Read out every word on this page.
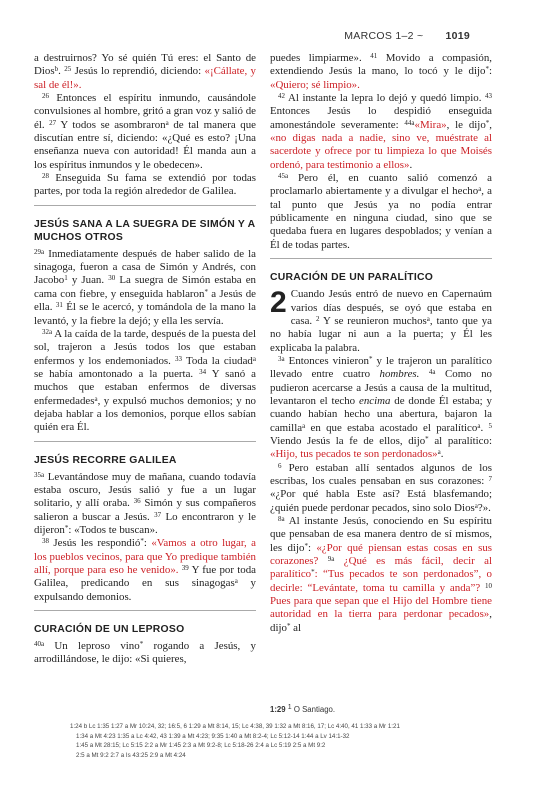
MARCOS 1–2 ~ 1019

a destruirnos? Yo sé quién Tú eres: el Santo de Dios$^b$. $^{25}$ Jesús lo reprendió, diciendo: «¡Cállate, y sal de él!».

$^{26}$ Entonces el espíritu inmundo, causándole convulsiones al hombre, gritó a gran voz y salió de él. $^{27}$ Y todos se asombraron$^a$ de tal manera que discutían entre sí, diciendo: «¿Qué es esto? ¡Una enseñanza nueva con autoridad! Él manda aun a los espíritus inmundos y le obedecen».

$^{28}$ Enseguida Su fama se extendió por todas partes, por toda la región alrededor de Galilea.

JESÚS SANA A LA SUEGRA DE SIMÓN Y A MUCHOS OTROS

$^{29a}$ Inmediatamente después de haber salido de la sinagoga, fueron a casa de Simón y Andrés, con Jacobo$^1$ y Juan. $^{30}$ La suegra de Simón estaba en cama con fiebre, y enseguida hablaron* a Jesús de ella. $^{31}$ Él se le acercó, y tomándola de la mano la levantó, y la fiebre la dejó; y ella les servía.

$^{32a}$ A la caída de la tarde, después de la puesta del sol, trajeron a Jesús todos los que estaban enfermos y los endemoniados. $^{33}$ Toda la ciudad$^a$ se había amontonado a la puerta. $^{34}$ Y sanó a muchos que estaban enfermos de diversas enfermedades$^a$, y expulsó muchos demonios; y no dejaba hablar a los demonios, porque ellos sabían quién era Él.

JESÚS RECORRE GALILEA

$^{35a}$ Levantándose muy de mañana, cuando todavía estaba oscuro, Jesús salió y fue a un lugar solitario, y allí oraba. $^{36}$ Simón y sus compañeros salieron a buscar a Jesús. $^{37}$ Lo encontraron y le dijeron*: «Todos te buscan».

$^{38}$ Jesús les respondió*: «Vamos a otro lugar, a los pueblos vecinos, para que Yo predique también allí, porque para eso he venido». $^{39}$ Y fue por toda Galilea, predicando en sus sinagogas$^a$ y expulsando demonios.

CURACIÓN DE UN LEPROSO

$^{40a}$ Un leproso vino* rogando a Jesús, y arrodillándose, le dijo: «Si quieres,

puedes limpiarme». $^{41}$ Movido a compasión, extendiendo Jesús la mano, lo tocó y le dijo*: «Quiero; sé limpio».

$^{42}$ Al instante la lepra lo dejó y quedó limpio. $^{43}$ Entonces Jesús lo despidió enseguida amonestándole severamente: $^{44a}$«Mira», le dijo*, «no digas nada a nadie, sino ve, muéstrate al sacerdote y ofrece por tu limpieza lo que Moisés ordenó, para testimonio a ellos».

$^{45a}$ Pero él, en cuanto salió comenzó a proclamarlo abiertamente y a divulgar el hecho$^a$, a tal punto que Jesús ya no podía entrar públicamente en ninguna ciudad, sino que se quedaba fuera en lugares despoblados; y venían a Él de todas partes.

CURACIÓN DE UN PARALÍTICO

2 Cuando Jesús entró de nuevo en Capernaúm varios días después, se oyó que estaba en casa. $^2$ Y se reunieron muchos$^a$, tanto que ya no había lugar ni aun a la puerta; y Él les explicaba la palabra.

$^{3a}$ Entonces vinieron* y le trajeron un paralítico llevado entre cuatro hombres. $^{4a}$ Como no pudieron acercarse a Jesús a causa de la multitud, levantaron el techo encima de donde Él estaba; y cuando habían hecho una abertura, bajaron la camilla$^a$ en que estaba acostado el paralítico$^a$. $^5$ Viendo Jesús la fe de ellos, dijo* al paralítico: «Hijo, tus pecados te son perdonados»$^a$.

$^6$ Pero estaban allí sentados algunos de los escribas, los cuales pensaban en sus corazones: $^7$ «¿Por qué habla Este así? Está blasfemando; ¿quién puede perdonar pecados, sino solo Dios$^a$?».

$^{8a}$ Al instante Jesús, conociendo en Su espíritu que pensaban de esa manera dentro de sí mismos, les dijo*: «¿Por qué piensan estas cosas en sus corazones? $^{9a}$ ¿Qué es más fácil, decir al paralítico*: “Tus pecados te son perdonados”, o decirle: “Levántate, toma tu camilla y anda”? $^{10}$ Pues para que sepan que el Hijo del Hombre tiene autoridad en la tierra para perdonar pecados», dijo* al

1:29 $^1$ O Santiago.
1:24 b Lc 1:35 1:27 a Mr 10:24, 32; 16:5, 6 1:29 a Mt 8:14, 15; Lc 4:38, 39 1:32 a Mt 8:16, 17; Lc 4:40, 41 1:33 a Mr 1:21
1:34 a Mt 4:23 1:35 a Lc 4:42, 43 1:39 a Mt 4:23; 9:35 1:40 a Mt 8:2-4; Lc 5:12-14 1:44 a Lv 14:1-32
1:45 a Mt 28:15; Lc 5:15 2:2 a Mr 1:45 2:3 a Mt 9:2-8; Lc 5:18-26 2:4 a Lc 5:19 2:5 a Mt 9:2
2:5 a Mt 9:2 2:7 a Is 43:25 2:9 a Mt 4:24
